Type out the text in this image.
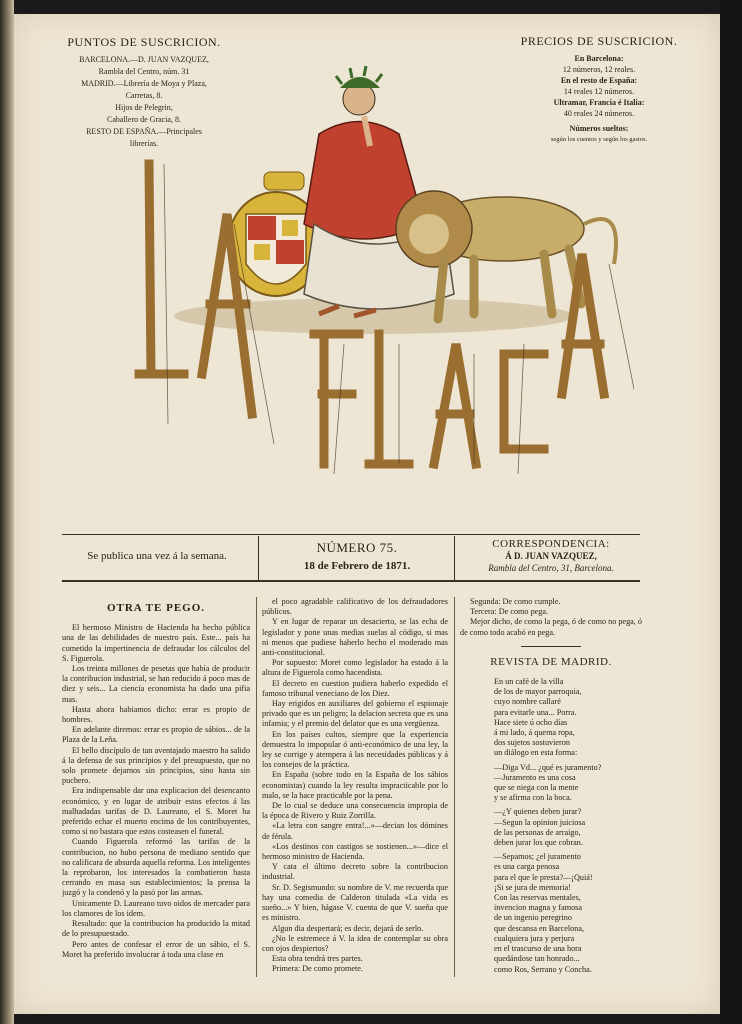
PUNTOS DE SUSCRICION.
BARCELONA.—D. JUAN VAZQUEZ,
Rambla del Centro, núm. 31
MADRID.—Librería de Moya y Plaza,
Carretas, 8.
Hijos de Pelegrin,
Caballero de Gracia, 8.
RESTO DE ESPAÑA.—Principales
librerías.
PRECIOS DE SUSCRICION.
En Barcelona:
12 números, 12 reales.
En el resto de España:
14 reales 12 números.
Ultramar, Francia é Italia:
40 reales 24 números.
Números sueltos:
según los cuentos y según los gastos.
Se publica una vez á la semana.
NÚMERO 75.
18 de Febrero de 1871.
CORRESPONDENCIA:
Á D. JUAN VAZQUEZ,
Rambla del Centro, 31, Barcelona.
OTRA TE PEGO.

El hermoso Ministro de Hacienda ha hecho pública una de las debilidades de nuestro país. Este... país ha cometido la impertinencia de defraudar los cálculos del S. Figuerola.

Los treinta millones de pesetas que había de producir la contribucion industrial, se han reducido á poco mas de diez y seis... La ciencia economista ha dado una pifia mas.

Hasta ahora habiamos dicho: errar es propio de hombres.

En adelante diremos: errar es propio de sábios... de la Plaza de la Leña.

El bello discípulo de tan aventajado maestro ha salido á la defensa de sus principios y del presupuesto, que no solo promete dejarnos sin principios, sino hasta sin puchero.

Era indispensable dar una explicacion del desencanto económico, y en lugar de atribuir estos efectos á las malhadadas tarifas de D. Laureano, el S. Moret ha preferido echar el muerto encima de los contribuyentes, como si no bastara que estos costeasen el funeral.

Cuando Figuerola reformó las tarifas de la contribucion, no hubo persona de mediano sentido que no calificara de absurda aquella reforma. Los inteligentes la reprobaron, los interesados la combatieron hasta cerrando en masa sus establecimientos; la prensa la juzgó y la condenó y la pasó por las armas.

Unicamente D. Laureano tuvo oidos de mercader para los clamores de los idem.

Resultado: que la contribucion ha producido la mitad de lo presupuestado.

Pero antes de confesar el error de un sábio, el S. Moret ha preferido involucrar á toda una clase en

el poco agradable calificativo de los defraudadores públicos.

Y en lugar de reparar un desacierto, se las echa de legislador y pone unas medias suelas al código, si mas ni menos que pudiese haberlo hecho el moderado mas anti-constitucional.

Por supuesto: Moret como legislador ha estado á la altura de Figuerola como hacendista.

El decreto en cuestion pudiera haberlo expedido el famoso tribunal veneciano de los Diez.

Hay erigidos en auxiliares del gobierno el espionaje privado que es un peligro; la delacion secreta que es una infamia; y el premio del delator que es una vergüenza.

En los países cultos, siempre que la experiencia demuestra lo impopular ó anti-económico de una ley, la ley se corrige y atempera á las necesidades públicas y á los consejos de la práctica.

En España (sobre todo en la España de los sábios economistas) cuando la ley resulta impracticable por lo malo, se la hace practicable por la pena.

De lo cual se deduce una consecuencia impropia de la época de Rivero y Ruiz Zorrilla.

«La letra con sangre entra!...»—decian los dómines de férula.

«Los destinos con castigos se sostienen...»—dice el hermoso ministro de Hacienda.

Y cata el último decreto sobre la contribucion industrial.

Sr. D. Segismundo: su nombre de V. me recuerda que hay una comedia de Calderon titulada «La vida es sueño...» Y bien, hágase V. cuenta de que V. sueña que es ministro.

Algun dia despertará; es decir, dejará de serlo.

¿No le estremece á V. la idea de contemplar su obra con ojos despiertos?

Esta obra tendrá tres partes.

Primera: De como promete.

Segunda: De como cumple.

Tercera: De como pega.

Mejor dicho, de como la pega, ó de como no pega, ó de como todo acabó en pega.

REVISTA DE MADRID.

En un café de la villa

de los de mayor parroquia,

cuyo nombre callaré

para evitarle una... Porra.

Hace siete ú ocho días

á mi lado, á quema ropa,

dos sujetos sostuvieron

un diálogo en esta forma:

—Diga Vd... ¿qué es juramento?

—Juramento es una cosa

que se niega con la mente

y se afirma con la boca.

—¿Y quienes deben jurar?

—Segun la opinion juiciosa

de las personas de arraigo,

deben jurar los que cobran.

—Sepamos; ¿el juramento

es una carga penosa

para el que le presta?—¡Quiá!

¡Si se jura de memoria!

Con las reservas mentales,

invencion magna y famosa

de un ingenio peregrino

que descansa en Barcelona,

cualquiera jura y perjura

en el trascurso de una hora

quedándose tan honrado...

como Ros, Serrano y Concha.
